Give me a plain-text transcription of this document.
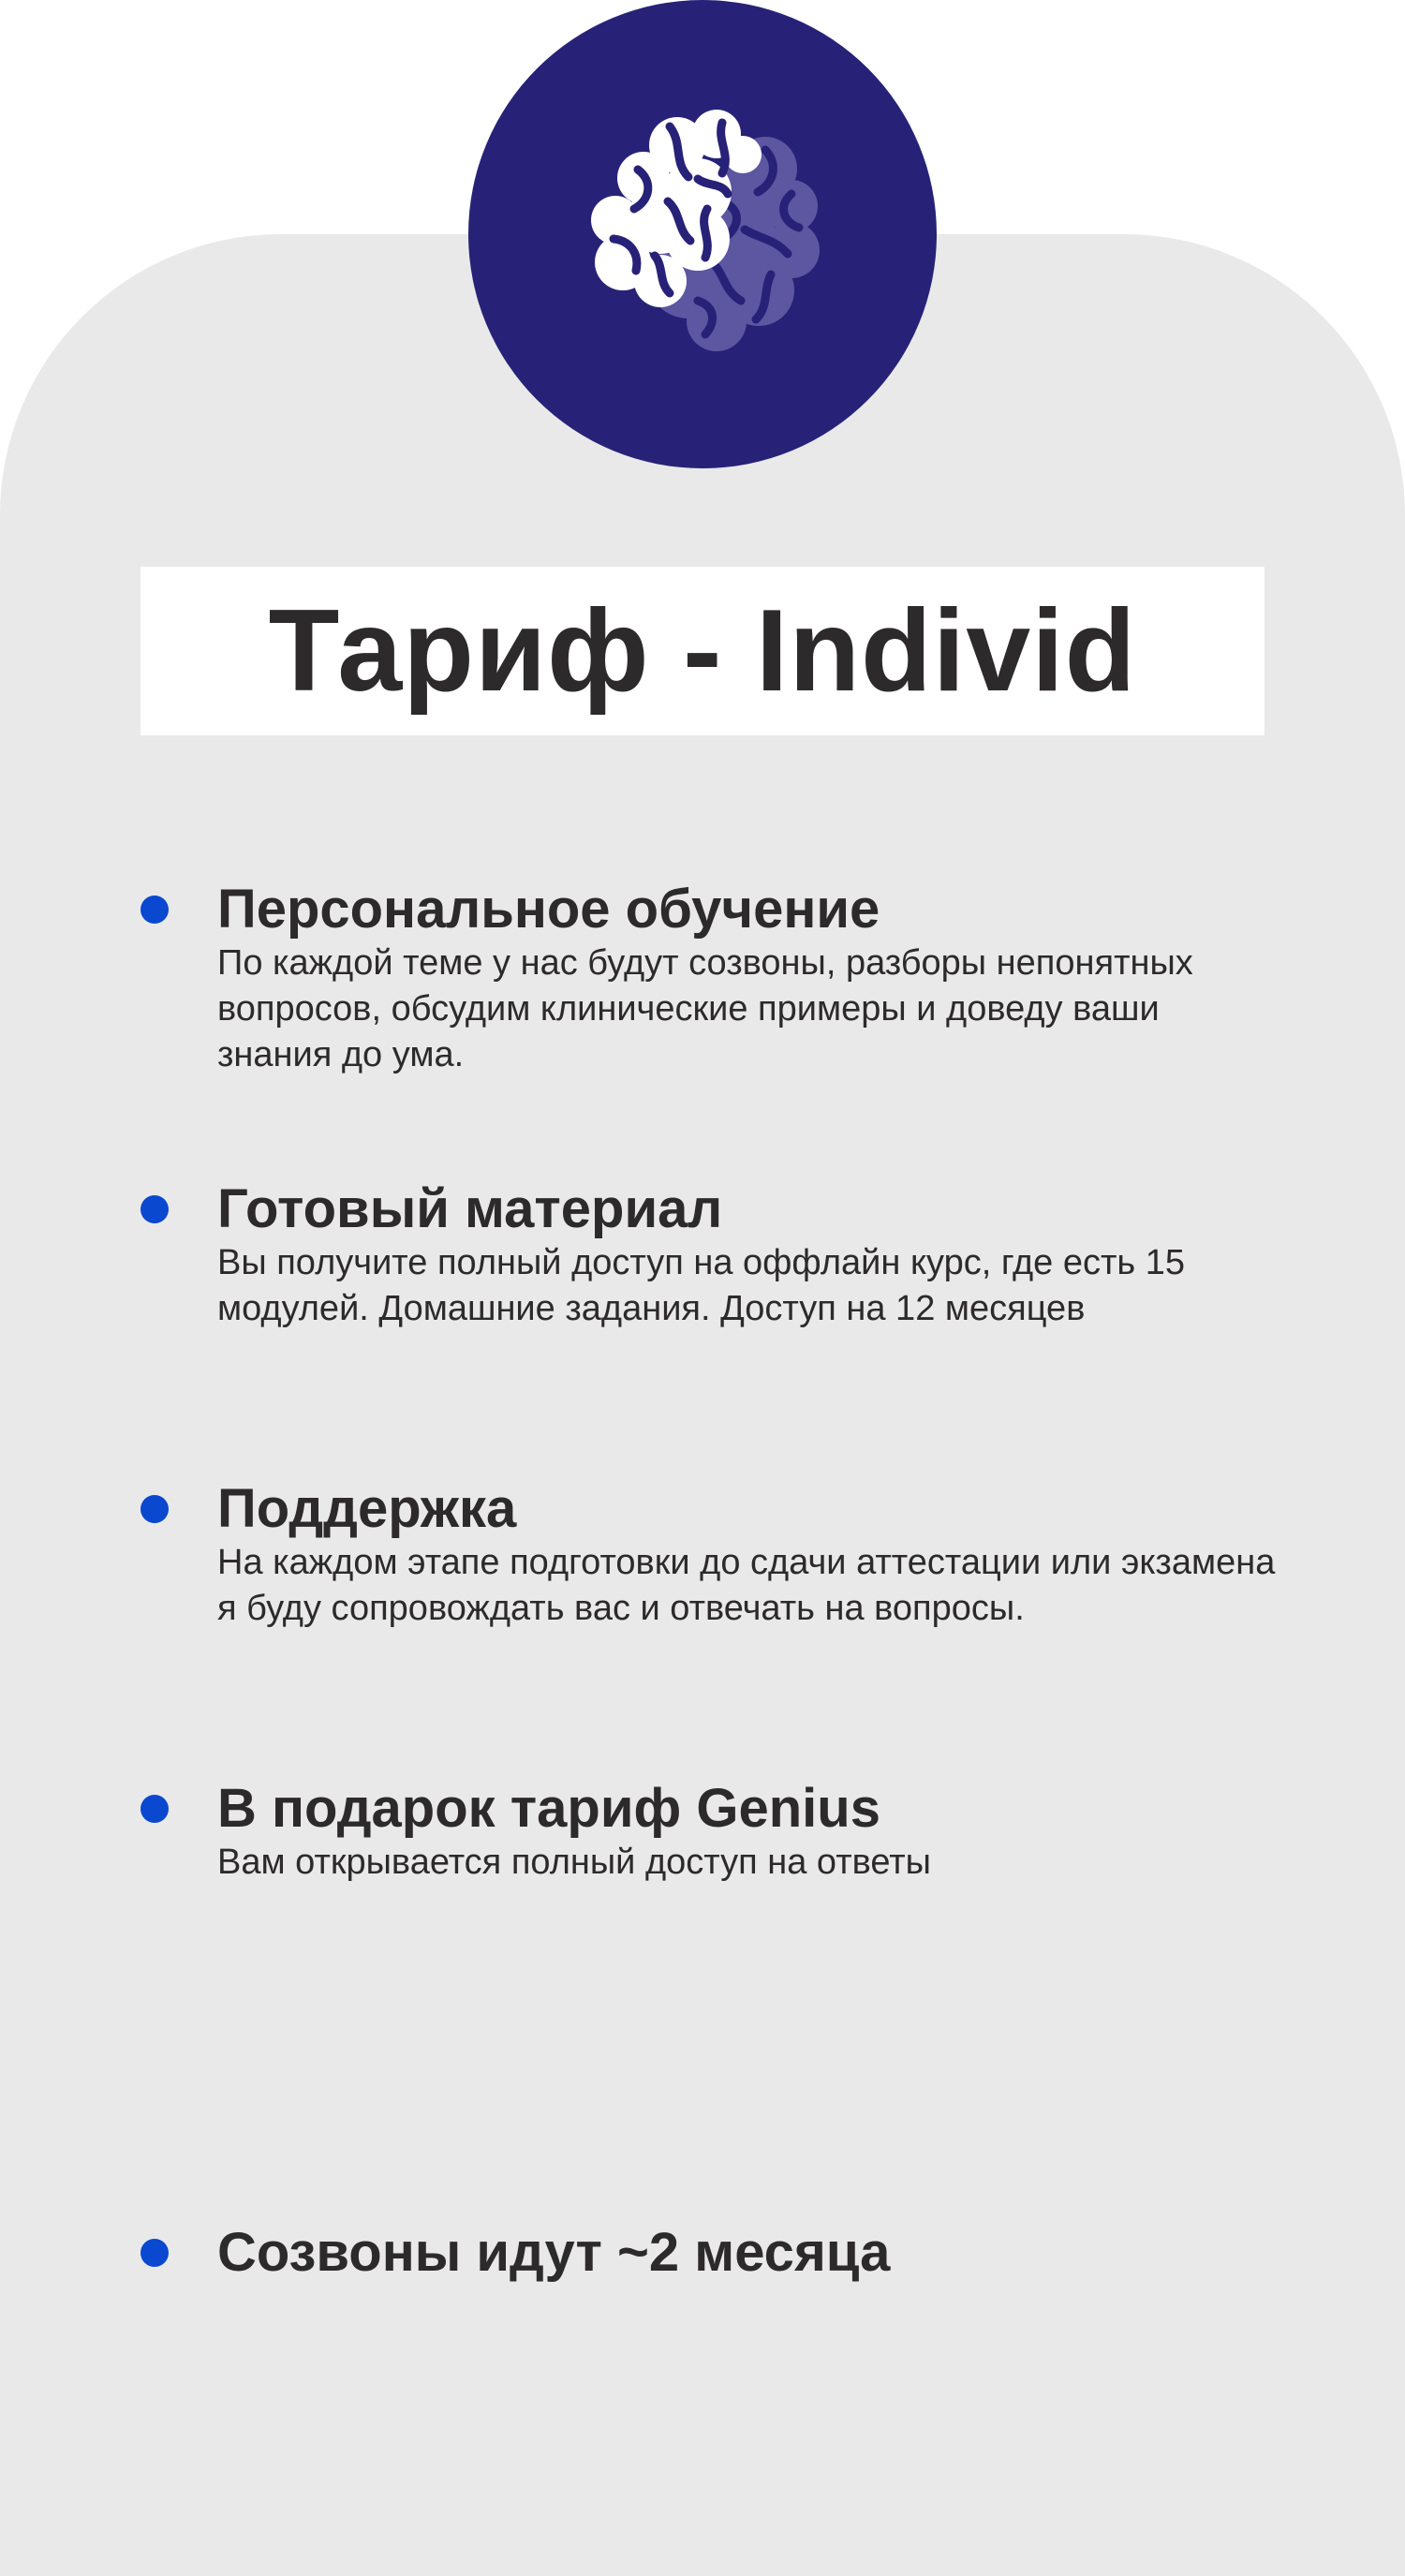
Тариф - Individ
Персональное обучение
По каждой теме у нас будут созвоны, разборы непонятных вопросов, обсудим клинические примеры и доведу ваши знания до ума.
Готовый материал
Вы получите полный доступ на оффлайн курс, где есть 15 модулей. Домашние задания. Доступ на 12 месяцев
Поддержка
На каждом этапе подготовки до сдачи аттестации или экзамена я буду сопровождать вас и отвечать на вопросы.
В подарок тариф Genius
Вам открывается полный доступ на ответы
Созвоны идут ~2 месяца
